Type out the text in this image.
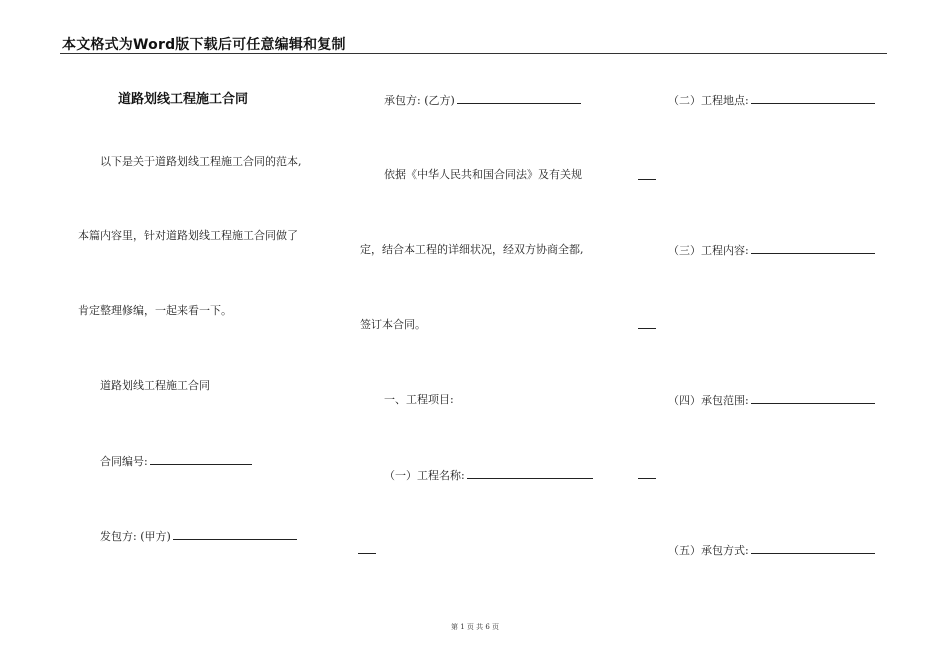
本文格式为Word版下载后可任意编辑和复制
道路划线工程施工合同
以下是关于道路划线工程施工合同的范本,
本篇内容里，针对道路划线工程施工合同做了
肯定整理修编，一起来看一下。
道路划线工程施工合同
合同编号:
发包方: (甲方)
承包方: (乙方)
依据《中华人民共和国合同法》及有关规
定，结合本工程的详细状况，经双方协商全都,
签订本合同。
一、工程项目:
（一）工程名称:
（二）工程地点:
（三）工程内容:
（四）承包范围:
（五）承包方式:
第 1 页 共 6 页
